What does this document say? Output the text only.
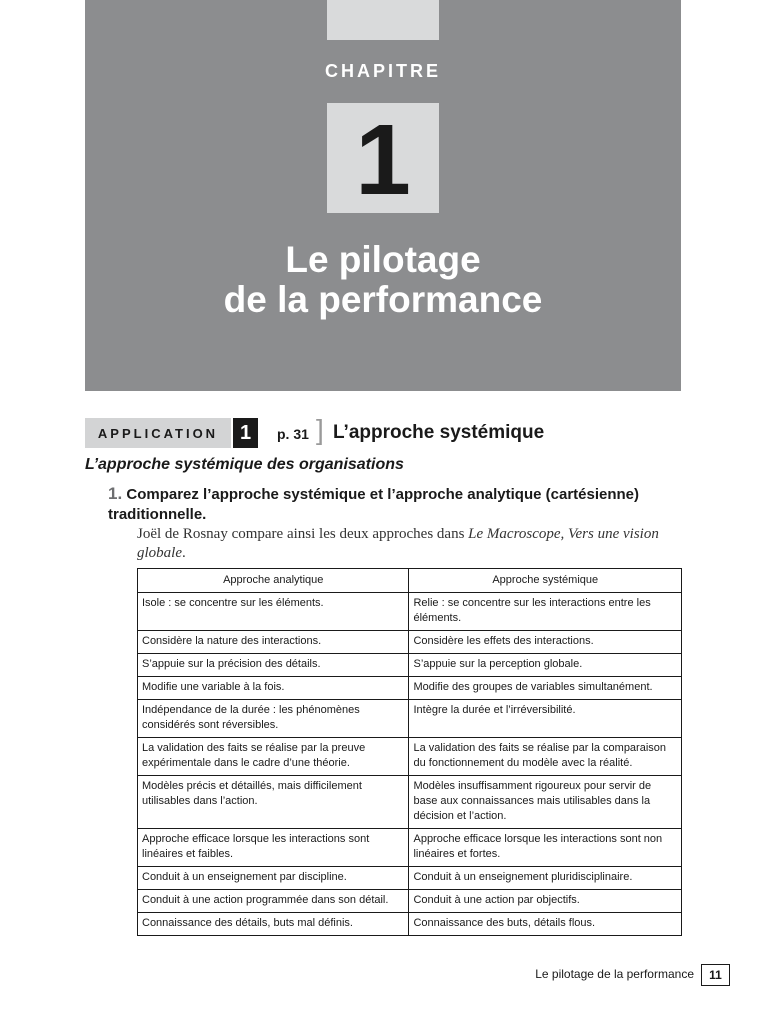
CHAPITRE
1
Le pilotage
de la performance
APPLICATION	1	p. 31 ] L’approche systémique
L’approche systémique des organisations
1. Comparez l’approche systémique et l’approche analytique (cartésienne) traditionnelle.
Joël de Rosnay compare ainsi les deux approches dans Le Macroscope, Vers une vision globale.
Approche analytique	Approche systémique
Isole : se concentre sur les éléments.	Relie : se concentre sur les interactions entre les éléments.
Considère la nature des interactions.	Considère les effets des interactions.
S’appuie sur la précision des détails.	S’appuie sur la perception globale.
Modifie une variable à la fois.	Modifie des groupes de variables simultanément.
Indépendance de la durée : les phénomènes considérés sont réversibles.	Intègre la durée et l’irréversibilité.
La validation des faits se réalise par la preuve expérimentale dans le cadre d’une théorie.	La validation des faits se réalise par la comparaison du fonctionnement du modèle avec la réalité.
Modèles précis et détaillés, mais difficilement utilisables dans l’action.	Modèles insuffisamment rigoureux pour servir de base aux connaissances mais utilisables dans la décision et l’action.
Approche efficace lorsque les interactions sont linéaires et faibles.	Approche efficace lorsque les interactions sont non linéaires et fortes.
Conduit à un enseignement par discipline.	Conduit à un enseignement pluridisciplinaire.
Conduit à une action programmée dans son détail.	Conduit à une action par objectifs.
Connaissance des détails, buts mal définis.	Connaissance des buts, détails flous.
Le pilotage de la performance	11
